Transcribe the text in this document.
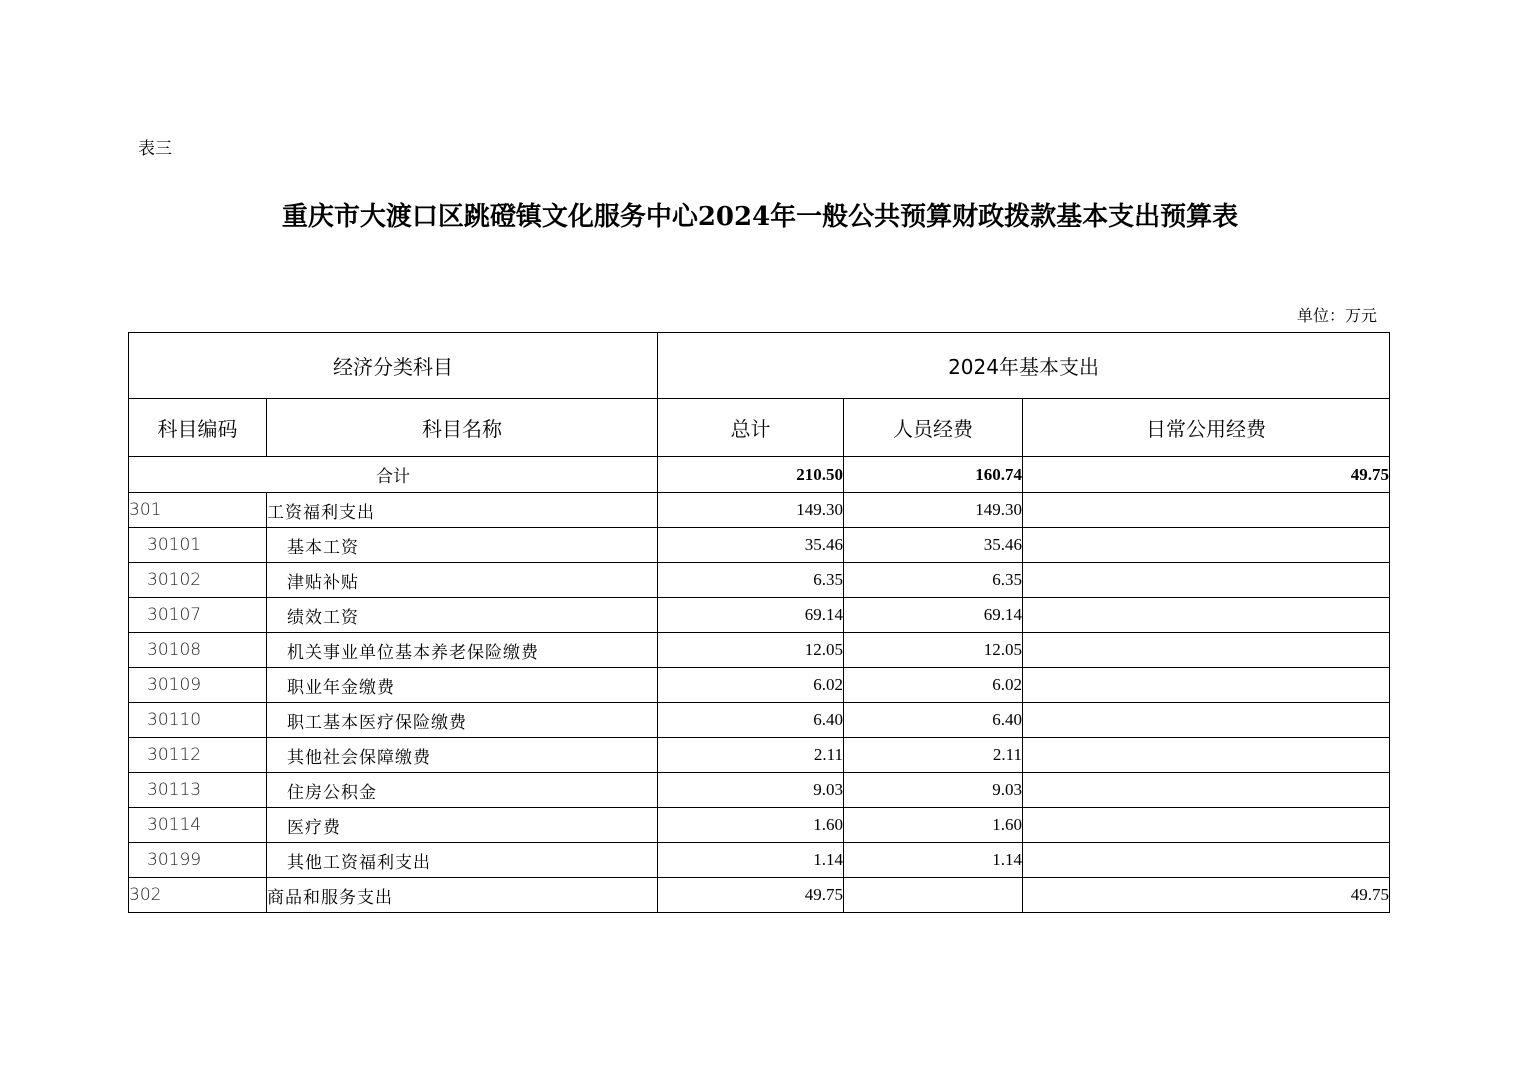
表三
重庆市大渡口区跳磴镇文化服务中心2024年一般公共预算财政拨款基本支出预算表
单位：万元
经济分类科目		2024年基本支出		
科目编码	科目名称	总计	人员经费	日常公用经费
合计		210.50	160.74	49.75
301	工资福利支出	149.30	149.30	
30101	基本工资	35.46	35.46	
30102	津贴补贴	6.35	6.35	
30107	绩效工资	69.14	69.14	
30108	机关事业单位基本养老保险缴费	12.05	12.05	
30109	职业年金缴费	6.02	6.02	
30110	职工基本医疗保险缴费	6.40	6.40	
30112	其他社会保障缴费	2.11	2.11	
30113	住房公积金	9.03	9.03	
30114	医疗费	1.60	1.60	
30199	其他工资福利支出	1.14	1.14	
302	商品和服务支出	49.75		49.75
